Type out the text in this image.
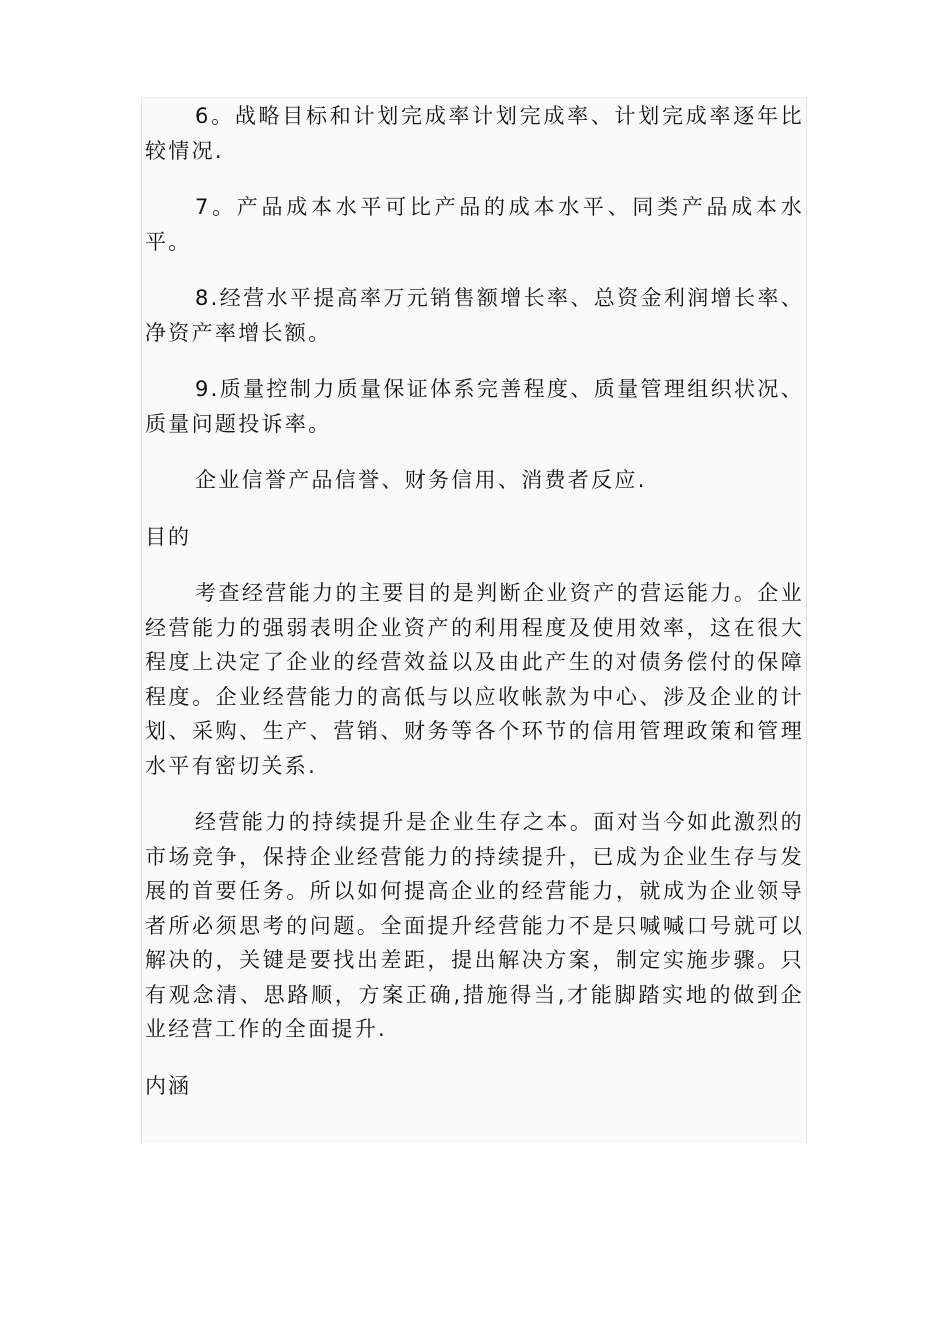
6。战略目标和计划完成率计划完成率、计划完成率逐年比较情况.

7。产品成本水平可比产品的成本水平、同类产品成本水平。

8.经营水平提高率万元销售额增长率、总资金利润增长率、净资产率增长额。

9.质量控制力质量保证体系完善程度、质量管理组织状况、质量问题投诉率。

企业信誉产品信誉、财务信用、消费者反应.

目的

考查经营能力的主要目的是判断企业资产的营运能力。企业经营能力的强弱表明企业资产的利用程度及使用效率，这在很大程度上决定了企业的经营效益以及由此产生的对债务偿付的保障程度。企业经营能力的高低与以应收帐款为中心、涉及企业的计划、采购、生产、营销、财务等各个环节的信用管理政策和管理水平有密切关系.

经营能力的持续提升是企业生存之本。面对当今如此激烈的市场竞争，保持企业经营能力的持续提升，已成为企业生存与发展的首要任务。所以如何提高企业的经营能力，就成为企业领导者所必须思考的问题。全面提升经营能力不是只喊喊口号就可以解决的，关键是要找出差距，提出解决方案，制定实施步骤。只有观念清、思路顺，方案正确,措施得当,才能脚踏实地的做到企业经营工作的全面提升.

内涵
